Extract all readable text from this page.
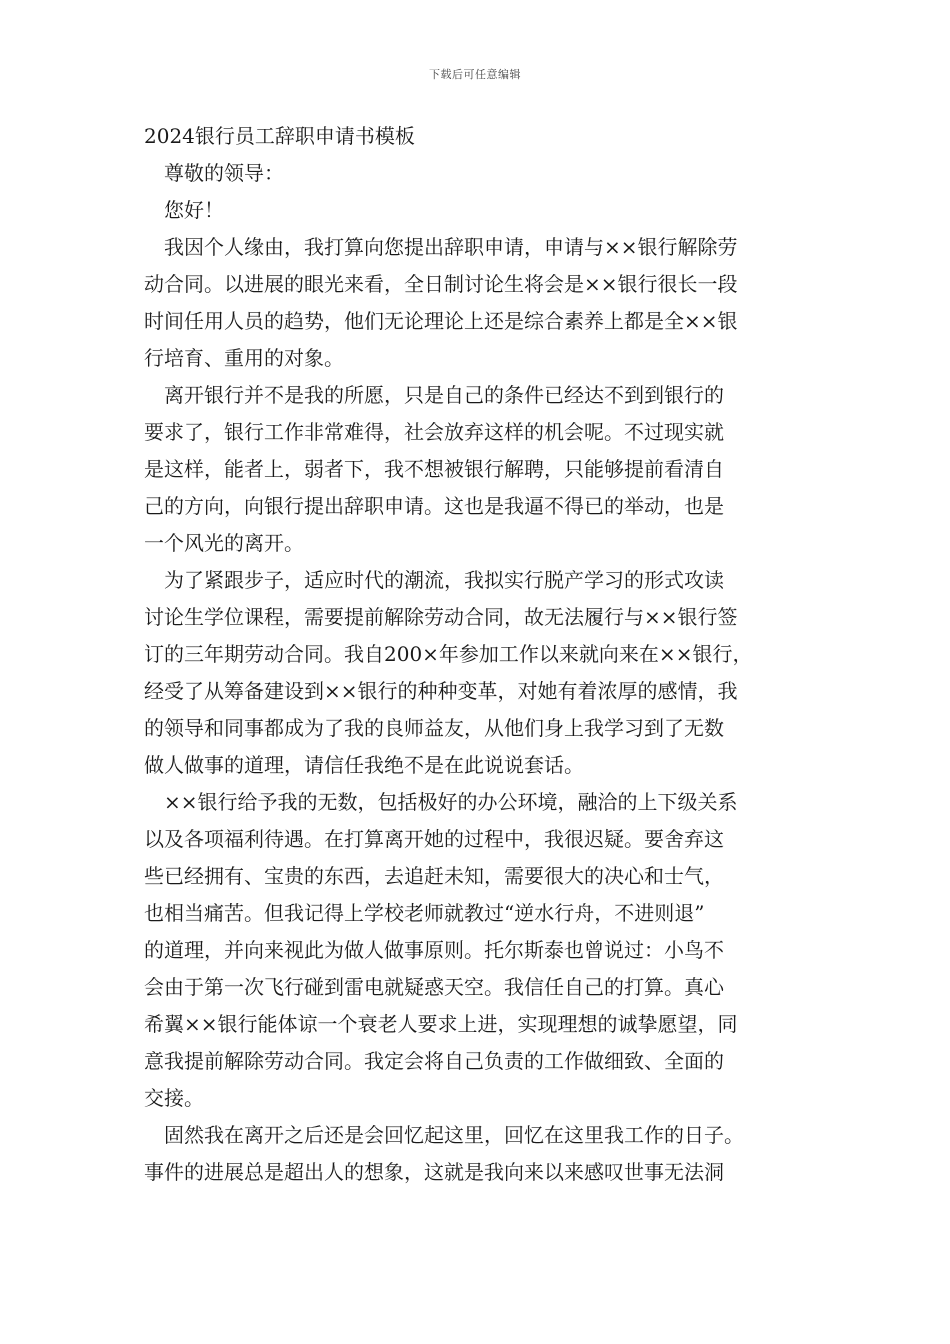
下载后可任意编辑

2024银行员工辞职申请书模板

尊敬的领导：

您好！

我因个人缘由，我打算向您提出辞职申请，申请与××银行解除劳

动合同。以进展的眼光来看，全日制讨论生将会是××银行很长一段

时间任用人员的趋势，他们无论理论上还是综合素养上都是全××银

行培育、重用的对象。

离开银行并不是我的所愿，只是自己的条件已经达不到到银行的

要求了，银行工作非常难得，社会放弃这样的机会呢。不过现实就

是这样，能者上，弱者下，我不想被银行解聘，只能够提前看清自

己的方向，向银行提出辞职申请。这也是我逼不得已的举动，也是

一个风光的离开。

为了紧跟步子，适应时代的潮流，我拟实行脱产学习的形式攻读

讨论生学位课程，需要提前解除劳动合同，故无法履行与××银行签

订的三年期劳动合同。我自200×年参加工作以来就向来在××银行，

经受了从筹备建设到××银行的种种变革，对她有着浓厚的感情，我

的领导和同事都成为了我的良师益友，从他们身上我学习到了无数

做人做事的道理，请信任我绝不是在此说说套话。

××银行给予我的无数，包括极好的办公环境，融洽的上下级关系

以及各项福利待遇。在打算离开她的过程中，我很迟疑。要舍弃这

些已经拥有、宝贵的东西，去追赶未知，需要很大的决心和士气，

也相当痛苦。但我记得上学校老师就教过“逆水行舟，不进则退”

的道理，并向来视此为做人做事原则。托尔斯泰也曾说过：小鸟不

会由于第一次飞行碰到雷电就疑惑天空。我信任自己的打算。真心

希翼××银行能体谅一个衰老人要求上进，实现理想的诚挚愿望，同

意我提前解除劳动合同。我定会将自己负责的工作做细致、全面的

交接。

固然我在离开之后还是会回忆起这里，回忆在这里我工作的日子。

事件的进展总是超出人的想象，这就是我向来以来感叹世事无法洞
